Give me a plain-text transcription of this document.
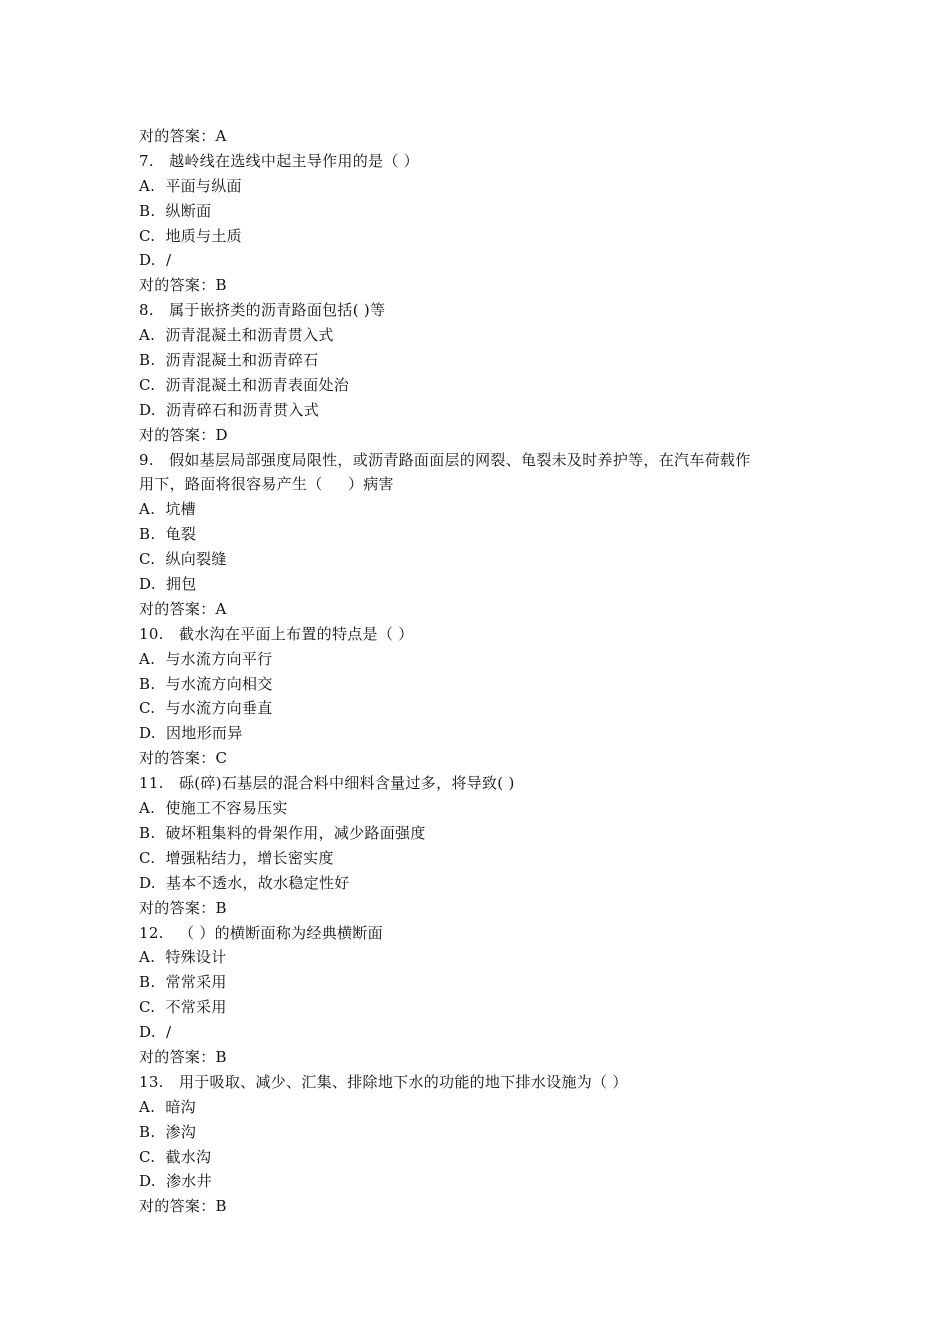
对的答案：A
7.   越岭线在选线中起主导作用的是（ ）
A.  平面与纵面
B.  纵断面
C.  地质与土质
D.  /
对的答案：B
8.   属于嵌挤类的沥青路面包括( )等
A.  沥青混凝土和沥青贯入式
B.  沥青混凝土和沥青碎石
C.  沥青混凝土和沥青表面处治
D.  沥青碎石和沥青贯入式
对的答案：D
9.   假如基层局部强度局限性，或沥青路面面层的网裂、龟裂未及时养护等，在汽车荷载作
用下，路面将很容易产生（     ）病害
A.  坑槽
B.  龟裂
C.  纵向裂缝
D.  拥包
对的答案：A
10.   截水沟在平面上布置的特点是（ ）
A.  与水流方向平行
B.  与水流方向相交
C.  与水流方向垂直
D.  因地形而异
对的答案：C
11.   砾(碎)石基层的混合料中细料含量过多，将导致( )
A.  使施工不容易压实
B.  破坏粗集料的骨架作用，减少路面强度
C.  增强粘结力，增长密实度
D.  基本不透水，故水稳定性好
对的答案：B
12.   （ ）的横断面称为经典横断面
A.  特殊设计
B.  常常采用
C.  不常采用
D.  /
对的答案：B
13.   用于吸取、减少、汇集、排除地下水的功能的地下排水设施为（ ）
A.  暗沟
B.  渗沟
C.  截水沟
D.  渗水井
对的答案：B
